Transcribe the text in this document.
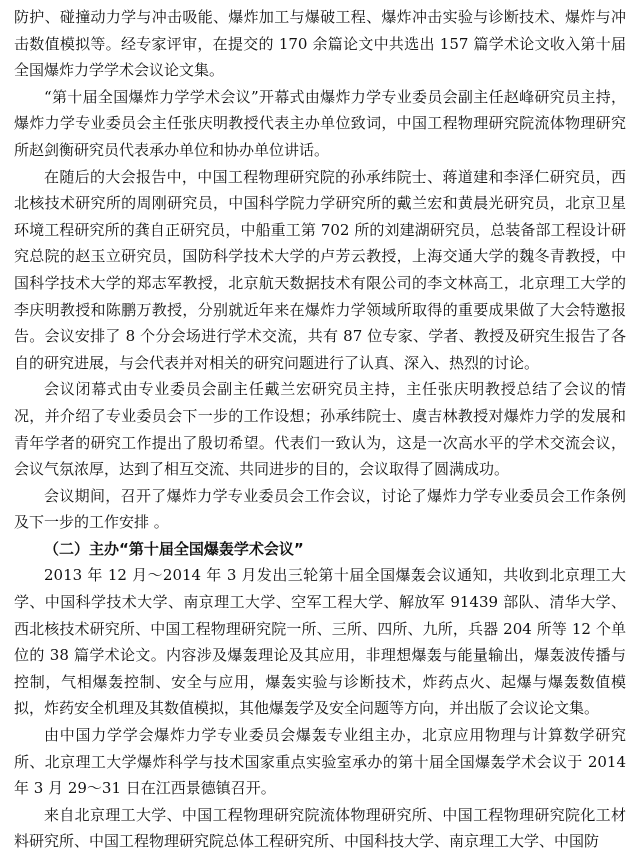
防护、碰撞动力学与冲击吸能、爆炸加工与爆破工程、爆炸冲击实验与诊断技术、爆炸与冲击数值模拟等。经专家评审，在提交的 170 余篇论文中共选出 157 篇学术论文收入第十届全国爆炸力学学术会议论文集。

“第十届全国爆炸力学学术会议”开幕式由爆炸力学专业委员会副主任赵峰研究员主持，爆炸力学专业委员会主任张庆明教授代表主办单位致词，中国工程物理研究院流体物理研究所赵剑衡研究员代表承办单位和协办单位讲话。

在随后的大会报告中，中国工程物理研究院的孙承纬院士、蒋道建和李泽仁研究员，西北核技术研究所的周刚研究员，中国科学院力学研究所的戴兰宏和黄晨光研究员，北京卫星环境工程研究所的龚自正研究员，中船重工第 702 所的刘建湖研究员，总装备部工程设计研究总院的赵玉立研究员，国防科学技术大学的卢芳云教授，上海交通大学的魏冬青教授，中国科学技术大学的郑志军教授，北京航天数据技术有限公司的李文林高工，北京理工大学的李庆明教授和陈鹏万教授，分别就近年来在爆炸力学领域所取得的重要成果做了大会特邀报告。会议安排了 8 个分会场进行学术交流，共有 87 位专家、学者、教授及研究生报告了各自的研究进展，与会代表并对相关的研究问题进行了认真、深入、热烈的讨论。

会议闭幕式由专业委员会副主任戴兰宏研究员主持，主任张庆明教授总结了会议的情况，并介绍了专业委员会下一步的工作设想；孙承纬院士、虞吉林教授对爆炸力学的发展和青年学者的研究工作提出了殷切希望。代表们一致认为，这是一次高水平的学术交流会议，会议气氛浓厚，达到了相互交流、共同进步的目的，会议取得了圆满成功。

会议期间，召开了爆炸力学专业委员会工作会议，讨论了爆炸力学专业委员会工作条例及下一步的工作安排 。

（二）主办“第十届全国爆轰学术会议”

2013 年 12 月～2014 年 3 月发出三轮第十届全国爆轰会议通知，共收到北京理工大学、中国科学技术大学、南京理工大学、空军工程大学、解放军 91439 部队、清华大学、西北核技术研究所、中国工程物理研究院一所、三所、四所、九所，兵器 204 所等 12 个单位的 38 篇学术论文。内容涉及爆轰理论及其应用，非理想爆轰与能量输出，爆轰波传播与控制，气相爆轰控制、安全与应用，爆轰实验与诊断技术，炸药点火、起爆与爆轰数值模拟，炸药安全机理及其数值模拟，其他爆轰学及安全问题等方向，并出版了会议论文集。

由中国力学学会爆炸力学专业委员会爆轰专业组主办，北京应用物理与计算数学研究所、北京理工大学爆炸科学与技术国家重点实验室承办的第十届全国爆轰学术会议于 2014 年 3 月 29～31 日在江西景德镇召开。

来自北京理工大学、中国工程物理研究院流体物理研究所、中国工程物理研究院化工材料研究所、中国工程物理研究院总体工程研究所、中国科技大学、南京理工大学、中国防
